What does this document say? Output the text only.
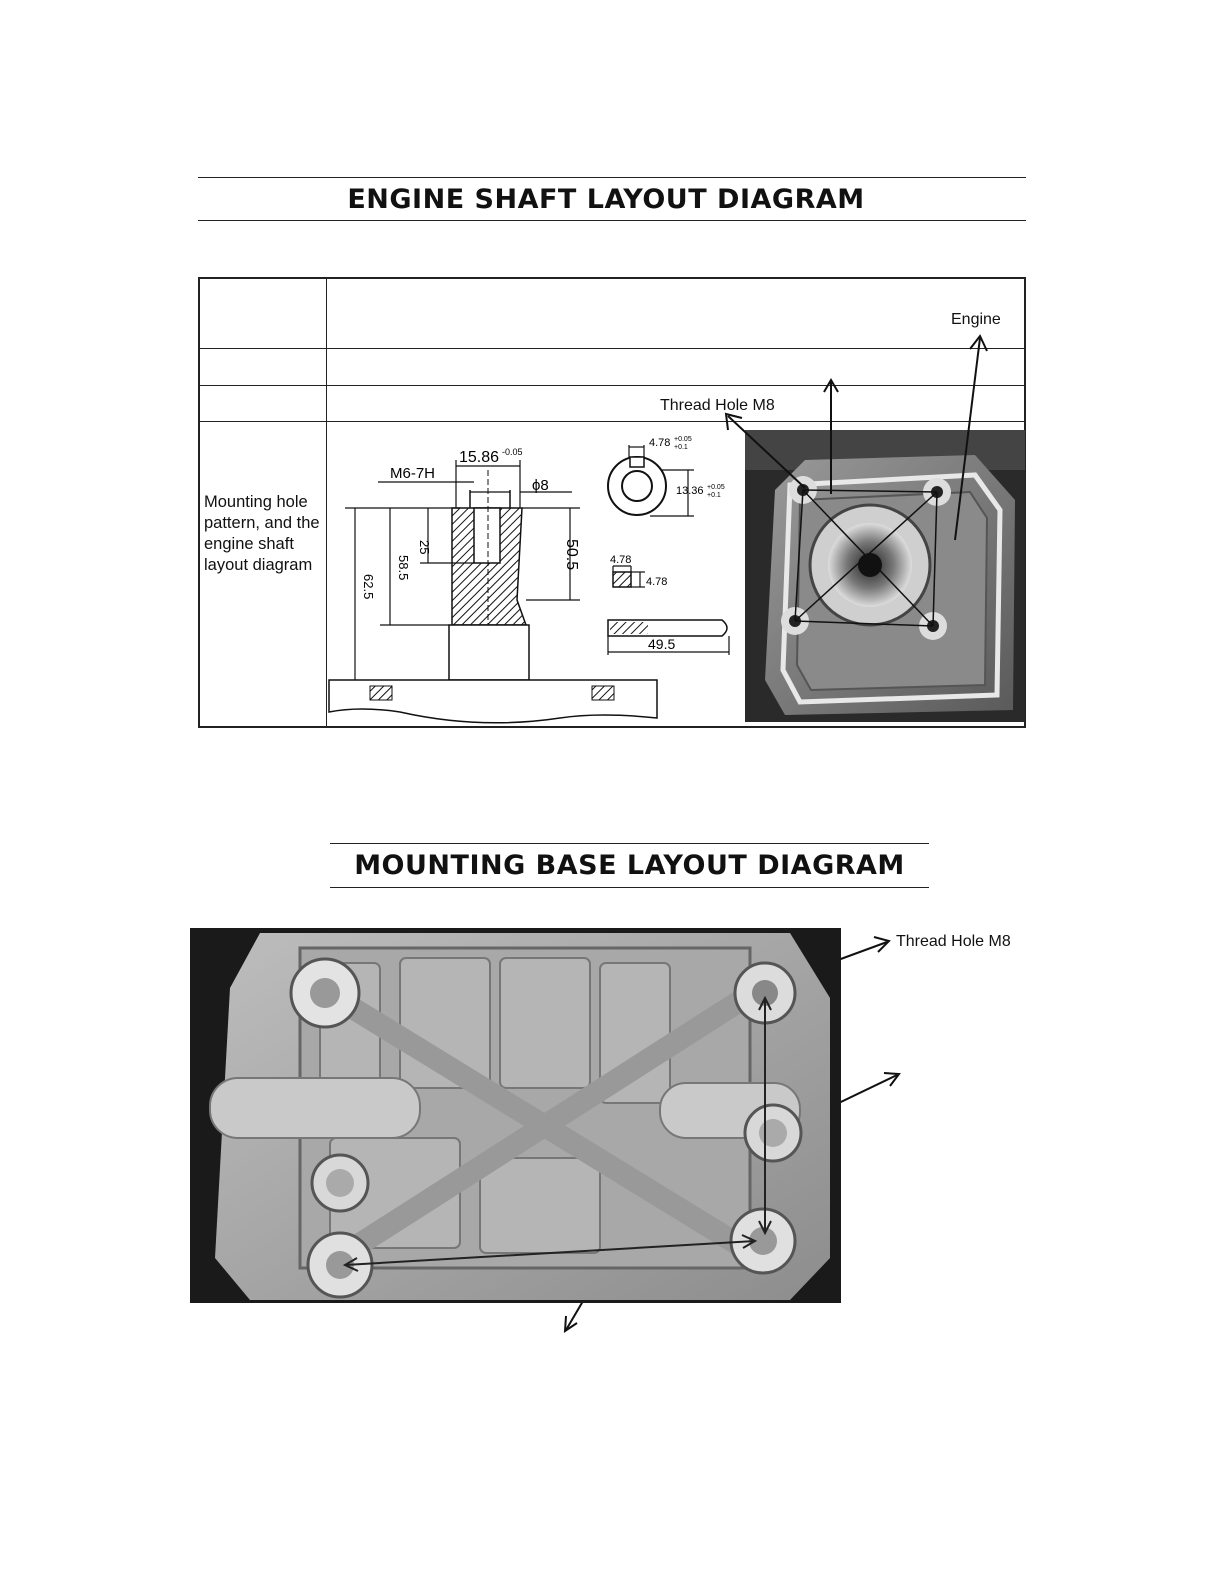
ENGINE SHAFT LAYOUT DIAGRAM
Mounting hole pattern, and the engine shaft layout diagram
15.86 -0.05
M6-7H
ϕ8
25
58.5
62.5
50.5
4.78 +0.05
+0.1
13.36 +0.05
+0.1
4.78
4.78
49.5
Engine
Thread Hole M8
MOUNTING BASE LAYOUT DIAGRAM
Thread Hole M8
